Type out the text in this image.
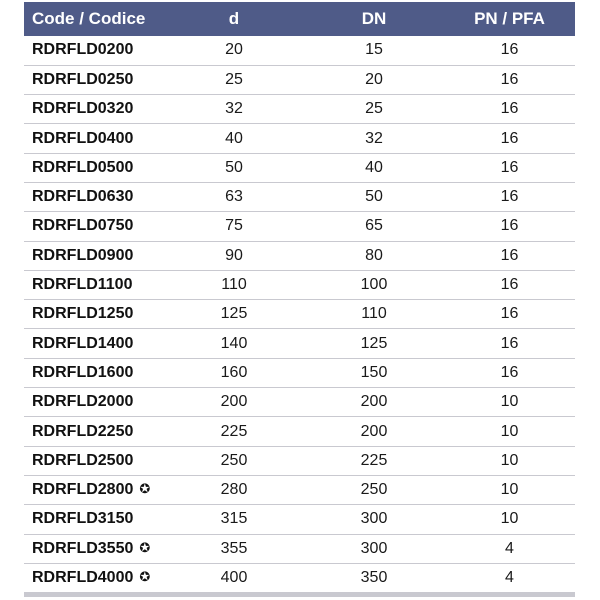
Code / Codice	d	DN	PN / PFA
RDRFLD0200	20	15	16
RDRFLD0250	25	20	16
RDRFLD0320	32	25	16
RDRFLD0400	40	32	16
RDRFLD0500	50	40	16
RDRFLD0630	63	50	16
RDRFLD0750	75	65	16
RDRFLD0900	90	80	16
RDRFLD1100	110	100	16
RDRFLD1250	125	110	16
RDRFLD1400	140	125	16
RDRFLD1600	160	150	16
RDRFLD2000	200	200	10
RDRFLD2250	225	200	10
RDRFLD2500	250	225	10
RDRFLD2800 ✪	280	250	10
RDRFLD3150	315	300	10
RDRFLD3550 ✪	355	300	4
RDRFLD4000 ✪	400	350	4
